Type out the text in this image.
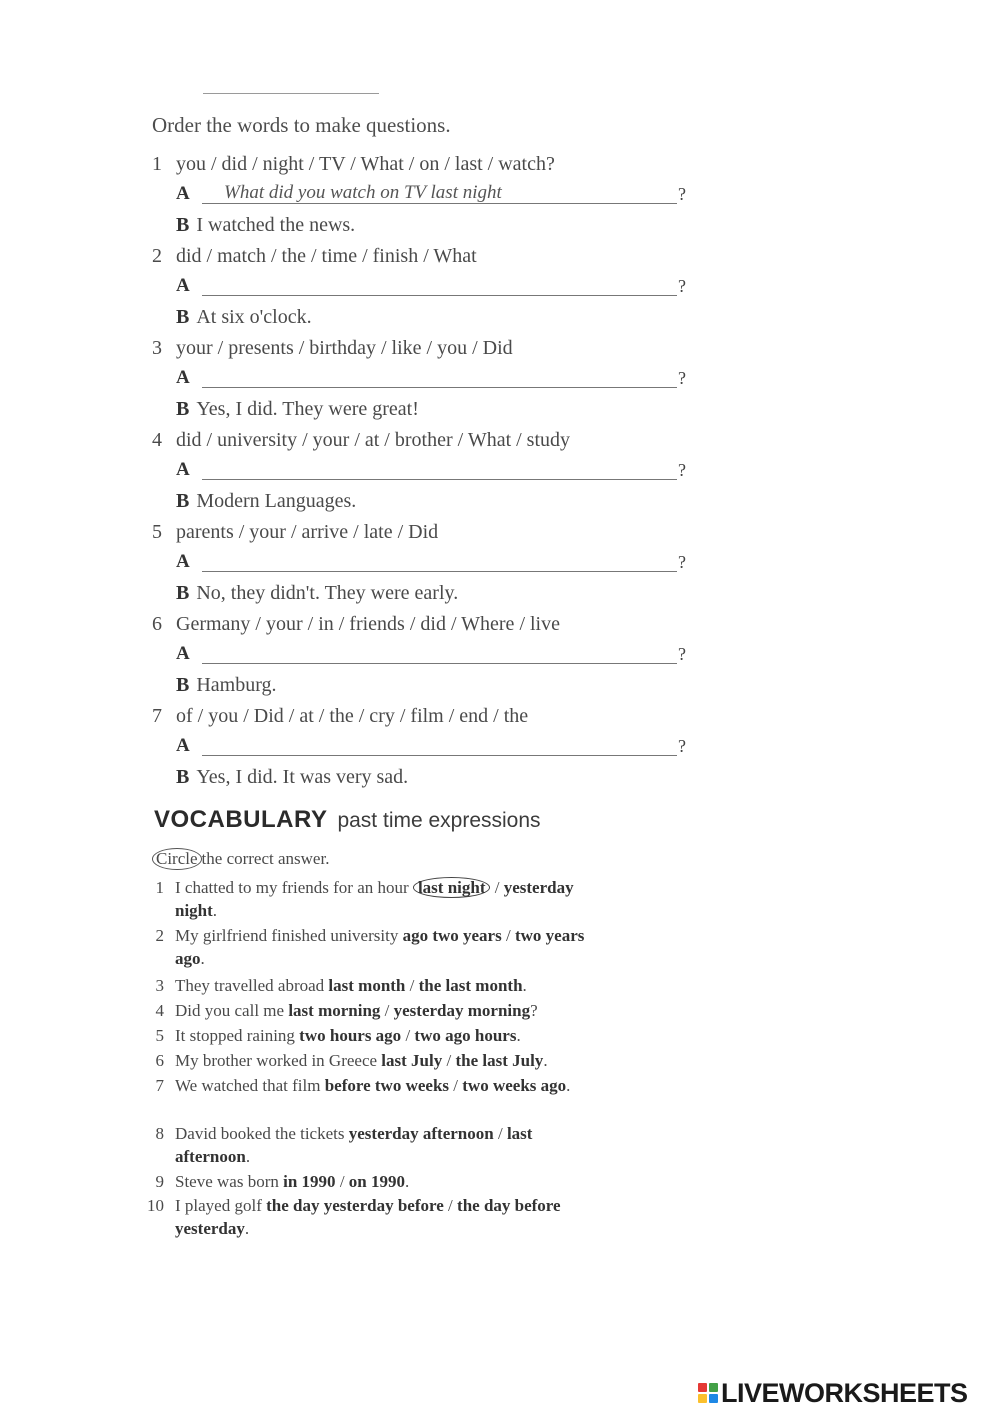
Order the words to make questions.
1 you / did / night / TV / What / on / last / watch?
A What did you watch on TV last night	?
B I watched the news.
2 did / match / the / time / finish / What
A	?
B At six o'clock.
3 your / presents / birthday / like / you / Did
A	?
B Yes, I did. They were great!
4 did / university / your / at / brother / What / study
A	?
B Modern Languages.
5 parents / your / arrive / late / Did
A	?
B No, they didn't. They were early.
6 Germany / your / in / friends / did / Where / live
A	?
B Hamburg.
7 of / you / Did / at / the / cry / film / end / the
A	?
B Yes, I did. It was very sad.
VOCABULARY past time expressions
Circle the correct answer.
1 I chatted to my friends for an hour last night / yesterday night.
2 My girlfriend finished university ago two years / two years ago.
3 They travelled abroad last month / the last month.
4 Did you call me last morning / yesterday morning?
5 It stopped raining two hours ago / two ago hours.
6 My brother worked in Greece last July / the last July.
7 We watched that film before two weeks / two weeks ago.
8 David booked the tickets yesterday afternoon / last afternoon.
9 Steve was born in 1990 / on 1990.
10 I played golf the day yesterday before / the day before yesterday.
LIVEWORKSHEETS
